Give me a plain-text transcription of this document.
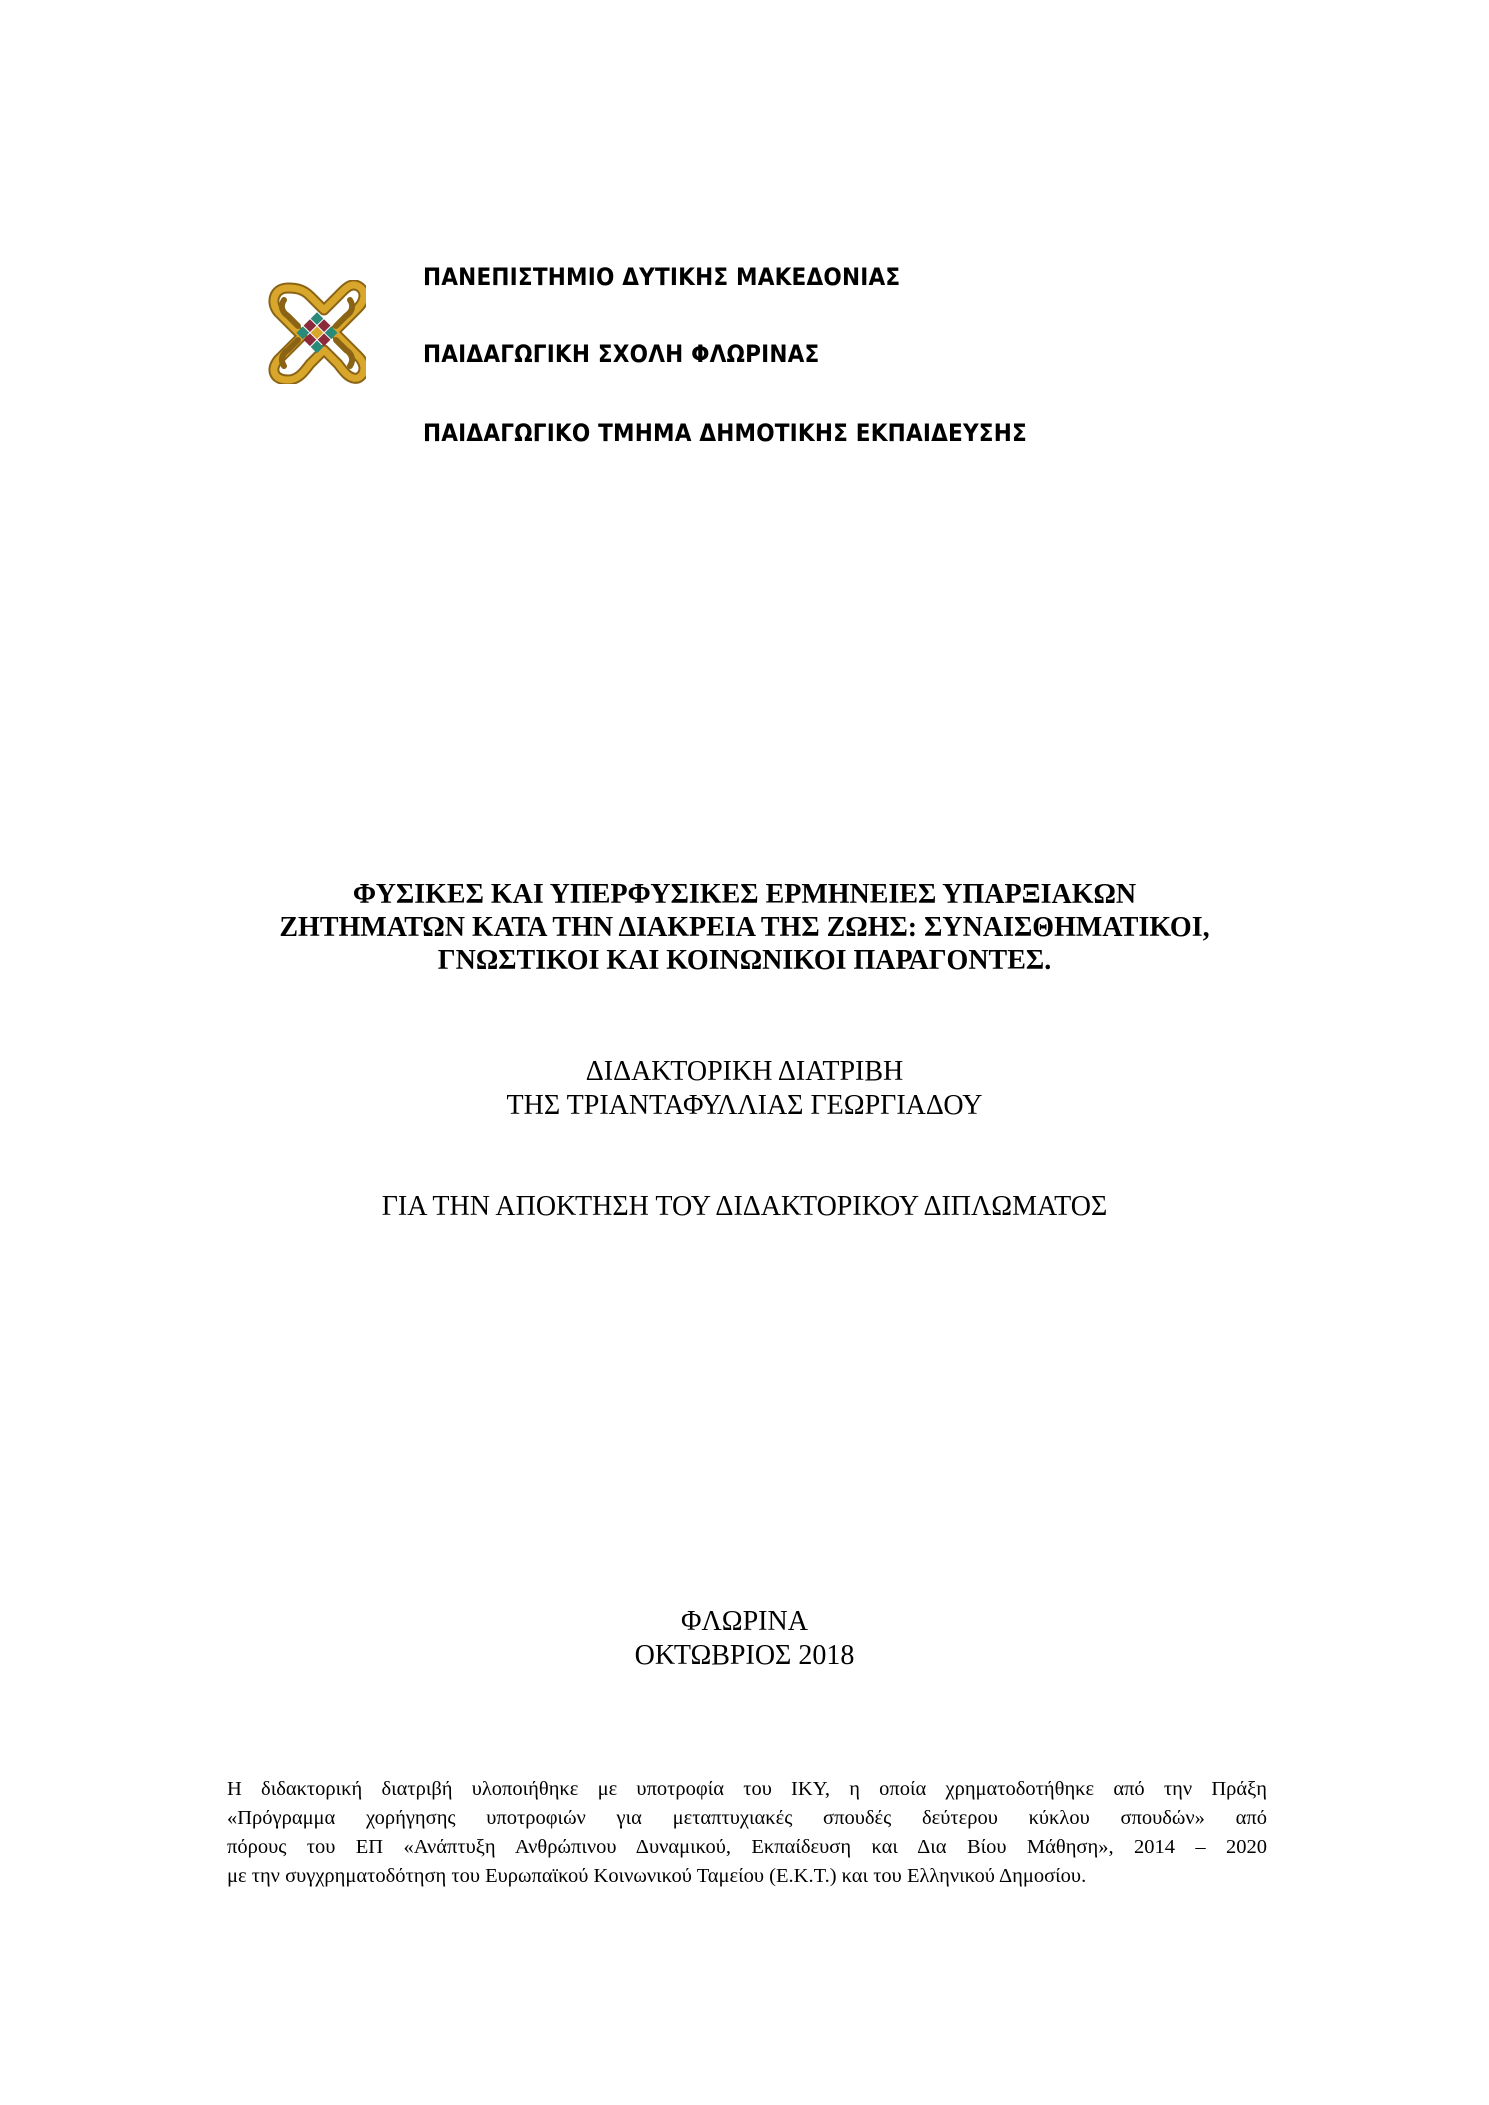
ΠΑΝΕΠΙΣΤΗΜΙΟ ΔΥΤΙΚΗΣ ΜΑΚΕΔΟΝΙΑΣ
ΠΑΙΔΑΓΩΓΙΚΗ ΣΧΟΛΗ ΦΛΩΡΙΝΑΣ
ΠΑΙΔΑΓΩΓΙΚΟ ΤΜΗΜΑ ΔΗΜΟΤΙΚΗΣ ΕΚΠΑΙΔΕΥΣΗΣ
ΦΥΣΙΚΕΣ ΚΑΙ ΥΠΕΡΦΥΣΙΚΕΣ ΕΡΜΗΝΕΙΕΣ ΥΠΑΡΞΙΑΚΩΝ
ΖΗΤΗΜΑΤΩΝ ΚΑΤΑ ΤΗΝ ΔΙΑΚΡΕΙΑ ΤΗΣ ΖΩΗΣ: ΣΥΝΑΙΣΘΗΜΑΤΙΚΟΙ,
ΓΝΩΣΤΙΚΟΙ ΚΑΙ ΚΟΙΝΩΝΙΚΟΙ ΠΑΡΑΓΟΝΤΕΣ.
ΔΙΔΑΚΤΟΡΙΚΗ ΔΙΑΤΡΙΒΗ
ΤΗΣ ΤΡΙΑΝΤΑΦΥΛΛΙΑΣ ΓΕΩΡΓΙΑΔΟΥ
ΓΙΑ ΤΗΝ ΑΠΟΚΤΗΣΗ ΤΟΥ ΔΙΔΑΚΤΟΡΙΚΟΥ ΔΙΠΛΩΜΑΤΟΣ
ΦΛΩΡΙΝΑ
ΟΚΤΩΒΡΙΟΣ 2018
Η διδακτορική διατριβή υλοποιήθηκε με υποτροφία του ΙΚΥ, η οποία χρηματοδοτήθηκε από την Πράξη
«Πρόγραμμα χορήγησης υποτροφιών για μεταπτυχιακές σπουδές δεύτερου κύκλου σπουδών» από
πόρους του ΕΠ «Ανάπτυξη Ανθρώπινου Δυναμικού, Εκπαίδευση και Δια Βίου Μάθηση», 2014 – 2020
με την συγχρηματοδότηση του Ευρωπαϊκού Κοινωνικού Ταμείου (Ε.Κ.Τ.) και του Ελληνικού Δημοσίου.
